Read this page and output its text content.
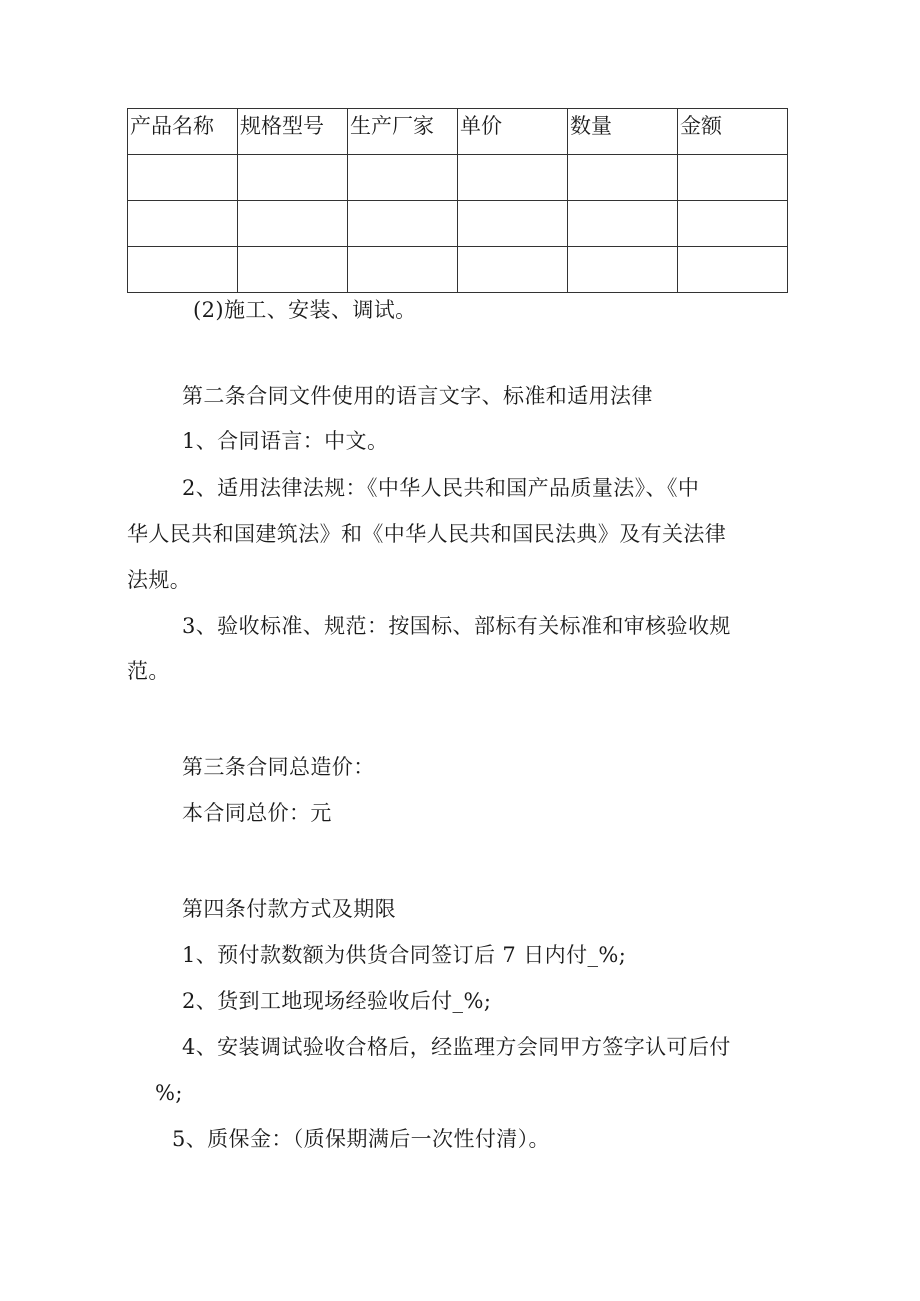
产品名称	规格型号	生产厂家	单价	数量	金额

(2)施工、安装、调试。
第二条合同文件使用的语言文字、标准和适用法律
1、合同语言：中文。
2、适用法律法规：《中华人民共和国产品质量法》、《中
华人民共和国建筑法》和《中华人民共和国民法典》及有关法律
法规。
3、验收标准、规范：按国标、部标有关标准和审核验收规
范。
第三条合同总造价：
本合同总价：元
第四条付款方式及期限
1、预付款数额为供货合同签订后 7 日内付_%;
2、货到工地现场经验收后付_%;
4、安装调试验收合格后，经监理方会同甲方签字认可后付
%;
5、质保金：（质保期满后一次性付清）。
